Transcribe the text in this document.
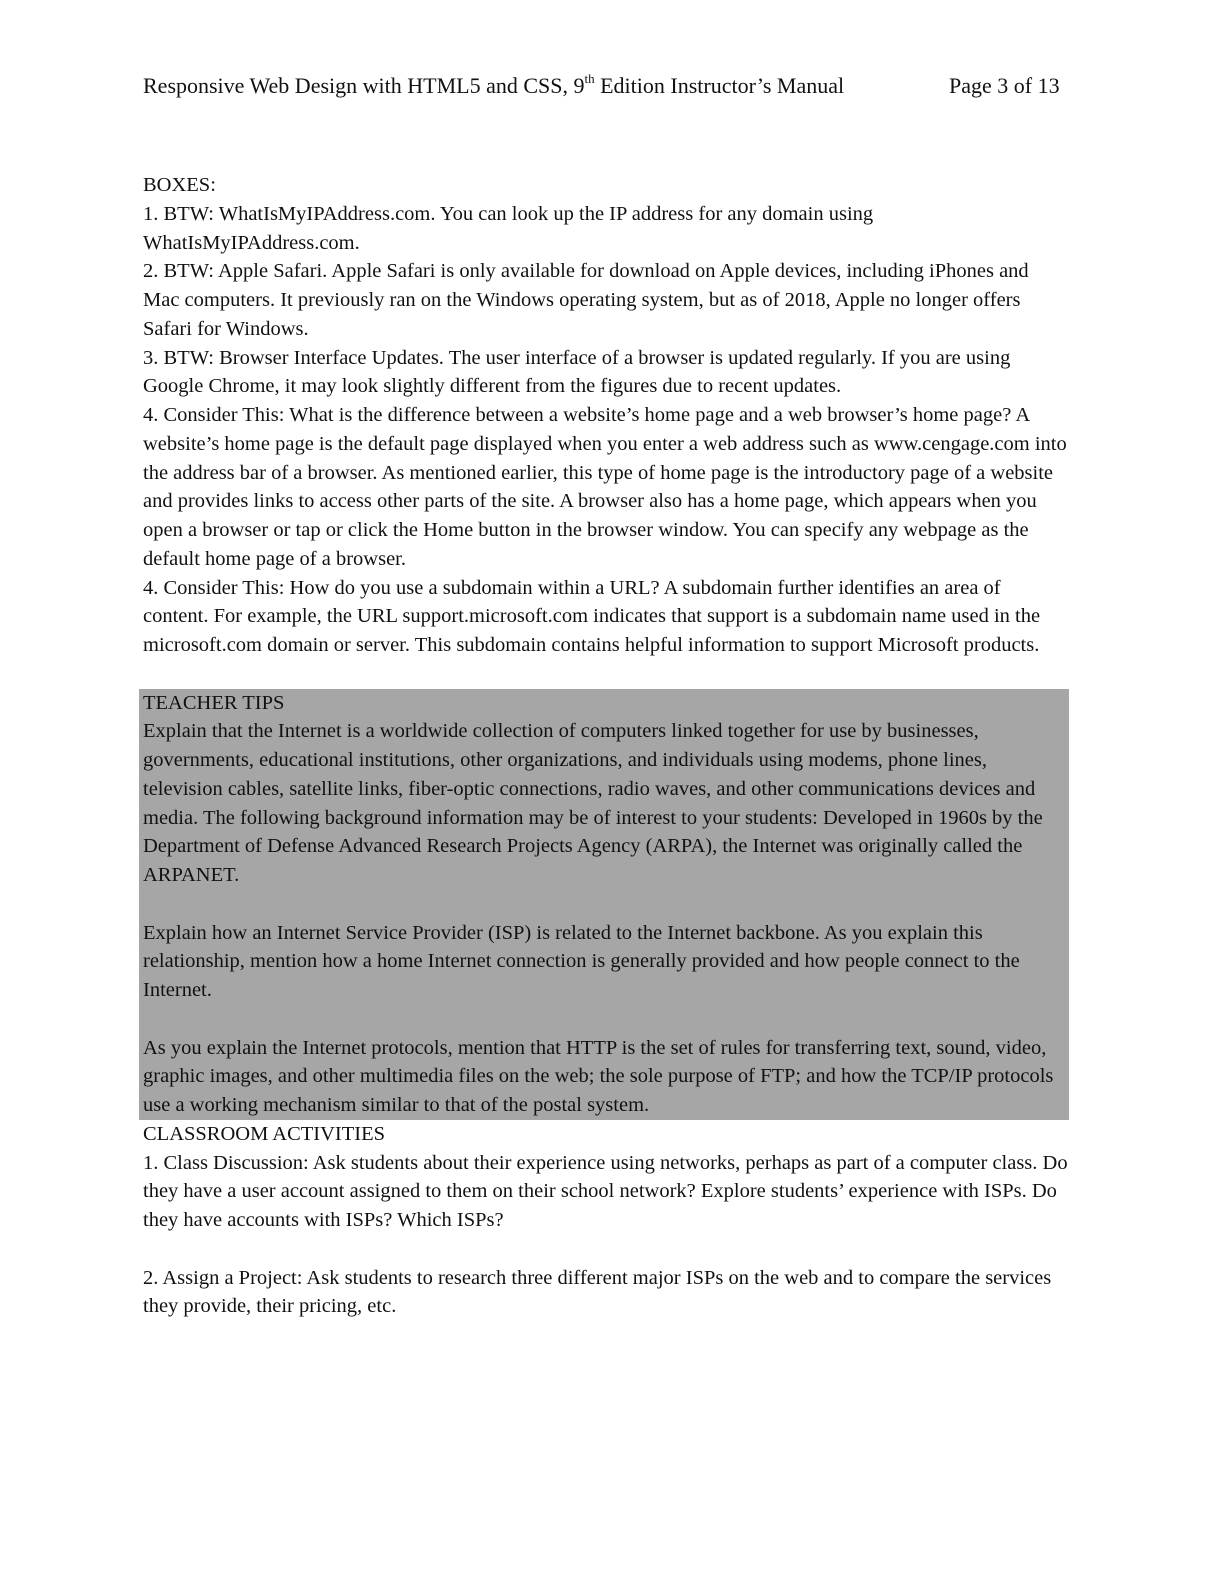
Responsive Web Design with HTML5 and CSS, 9th Edition Instructor’s Manual	Page 3 of 13

BOXES:

1. BTW: WhatIsMyIPAddress.com. You can look up the IP address for any domain using WhatIsMyIPAddress.com.

2. BTW: Apple Safari. Apple Safari is only available for download on Apple devices, including iPhones and Mac computers. It previously ran on the Windows operating system, but as of 2018, Apple no longer offers Safari for Windows.

3. BTW: Browser Interface Updates. The user interface of a browser is updated regularly. If you are using Google Chrome, it may look slightly different from the figures due to recent updates.

4. Consider This: What is the difference between a website’s home page and a web browser’s home page? A website’s home page is the default page displayed when you enter a web address such as www.cengage.com into the address bar of a browser. As mentioned earlier, this type of home page is the introductory page of a website and provides links to access other parts of the site. A browser also has a home page, which appears when you open a browser or tap or click the Home button in the browser window. You can specify any webpage as the default home page of a browser.

4. Consider This: How do you use a subdomain within a URL? A subdomain further identifies an area of content. For example, the URL support.microsoft.com indicates that support is a subdomain name used in the microsoft.com domain or server. This subdomain contains helpful information to support Microsoft products.

TEACHER TIPS

Explain that the Internet is a worldwide collection of computers linked together for use by businesses, governments, educational institutions, other organizations, and individuals using modems, phone lines, television cables, satellite links, fiber-optic connections, radio waves, and other communications devices and media. The following background information may be of interest to your students: Developed in 1960s by the Department of Defense Advanced Research Projects Agency (ARPA), the Internet was originally called the ARPANET.

Explain how an Internet Service Provider (ISP) is related to the Internet backbone. As you explain this relationship, mention how a home Internet connection is generally provided and how people connect to the Internet.

As you explain the Internet protocols, mention that HTTP is the set of rules for transferring text, sound, video, graphic images, and other multimedia files on the web; the sole purpose of FTP; and how the TCP/IP protocols use a working mechanism similar to that of the postal system.

CLASSROOM ACTIVITIES

1. Class Discussion: Ask students about their experience using networks, perhaps as part of a computer class. Do they have a user account assigned to them on their school network? Explore students’ experience with ISPs. Do they have accounts with ISPs? Which ISPs?

2. Assign a Project: Ask students to research three different major ISPs on the web and to compare the services they provide, their pricing, etc.
